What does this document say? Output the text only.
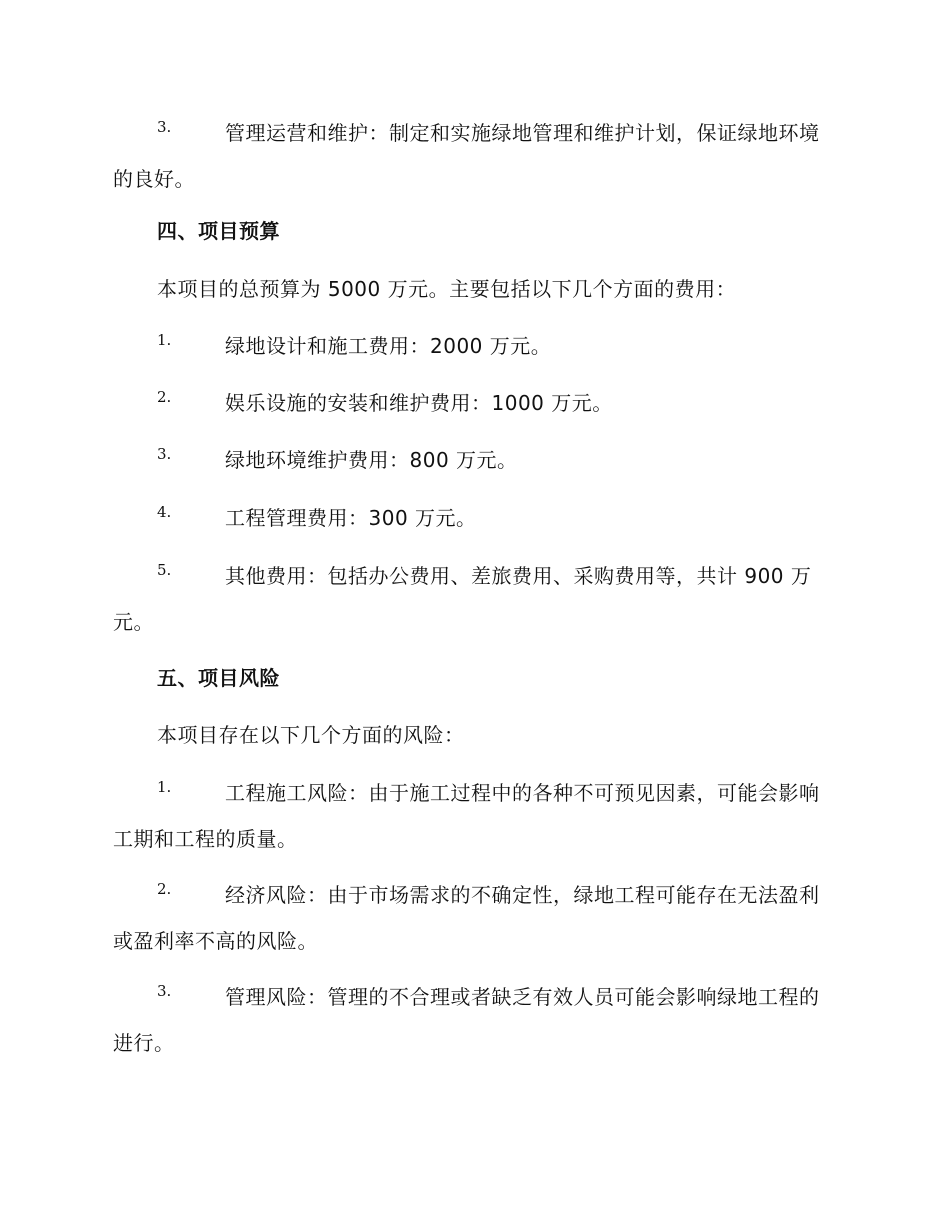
3.	管理运营和维护：制定和实施绿地管理和维护计划，保证绿地环境的良好。

四、项目预算

本项目的总预算为 5000 万元。主要包括以下几个方面的费用：

1.	绿地设计和施工费用：2000 万元。

2.	娱乐设施的安装和维护费用：1000 万元。

3.	绿地环境维护费用：800 万元。

4.	工程管理费用：300 万元。

5.	其他费用：包括办公费用、差旅费用、采购费用等，共计 900 万元。

五、项目风险

本项目存在以下几个方面的风险：

1.	工程施工风险：由于施工过程中的各种不可预见因素，可能会影响工期和工程的质量。

2.	经济风险：由于市场需求的不确定性，绿地工程可能存在无法盈利或盈利率不高的风险。

3.	管理风险：管理的不合理或者缺乏有效人员可能会影响绿地工程的进行。
